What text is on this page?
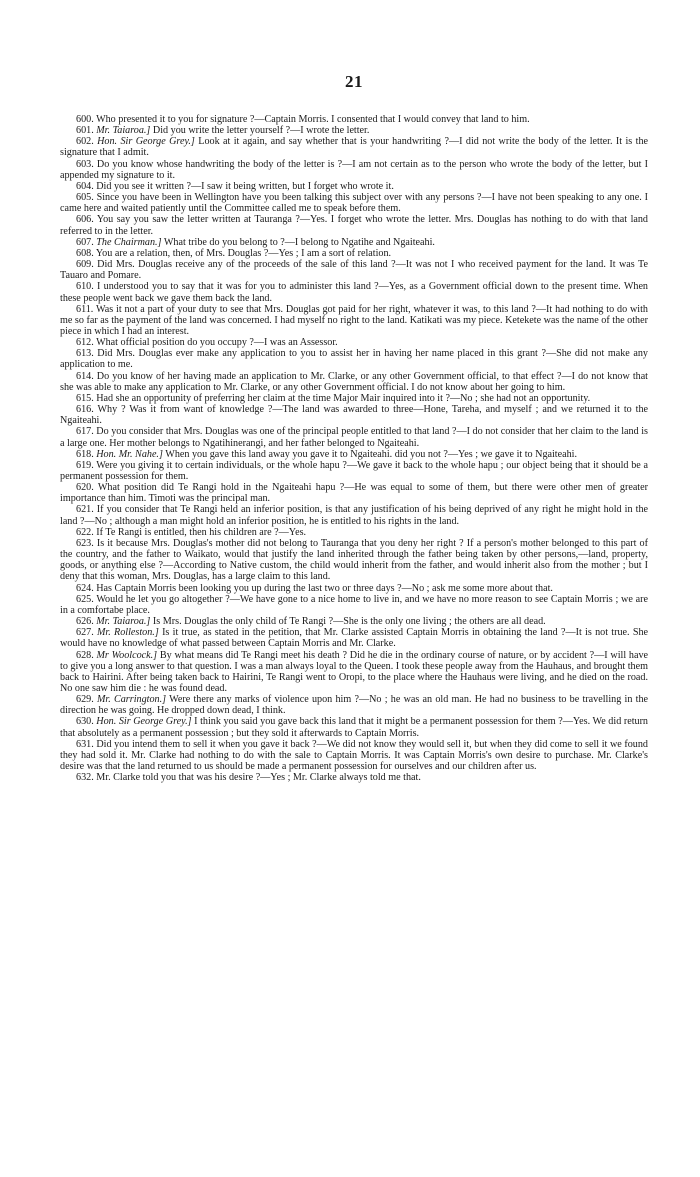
21

600. Who presented it to you for signature ?—Captain Morris. I consented that I would convey that land to him.

601. Mr. Taiaroa.] Did you write the letter yourself ?—I wrote the letter.

602. Hon. Sir George Grey.] Look at it again, and say whether that is your handwriting ?—I did not write the body of the letter. It is the signature that I admit.

603. Do you know whose handwriting the body of the letter is ?—I am not certain as to the person who wrote the body of the letter, but I appended my signature to it.

604. Did you see it written ?—I saw it being written, but I forget who wrote it.

605. Since you have been in Wellington have you been talking this subject over with any persons ?—I have not been speaking to any one. I came here and waited patiently until the Committee called me to speak before them.

606. You say you saw the letter written at Tauranga ?—Yes. I forget who wrote the letter. Mrs. Douglas has nothing to do with that land referred to in the letter.

607. The Chairman.] What tribe do you belong to ?—I belong to Ngatihe and Ngaiteahi.

608. You are a relation, then, of Mrs. Douglas ?—Yes ; I am a sort of relation.

609. Did Mrs. Douglas receive any of the proceeds of the sale of this land ?—It was not I who received payment for the land. It was Te Tauaro and Pomare.

610. I understood you to say that it was for you to administer this land ?—Yes, as a Government official down to the present time. When these people went back we gave them back the land.

611. Was it not a part of your duty to see that Mrs. Douglas got paid for her right, whatever it was, to this land ?—It had nothing to do with me so far as the payment of the land was concerned. I had myself no right to the land. Katikati was my piece. Ketekete was the name of the other piece in which I had an interest.

612. What official position do you occupy ?—I was an Assessor.

613. Did Mrs. Douglas ever make any application to you to assist her in having her name placed in this grant ?—She did not make any application to me.

614. Do you know of her having made an application to Mr. Clarke, or any other Government official, to that effect ?—I do not know that she was able to make any application to Mr. Clarke, or any other Government official. I do not know about her going to him.

615. Had she an opportunity of preferring her claim at the time Major Mair inquired into it ?—No ; she had not an opportunity.

616. Why ? Was it from want of knowledge ?—The land was awarded to three—Hone, Tareha, and myself ; and we returned it to the Ngaiteahi.

617. Do you consider that Mrs. Douglas was one of the principal people entitled to that land ?—I do not consider that her claim to the land is a large one. Her mother belongs to Ngatihinerangi, and her father belonged to Ngaiteahi.

618. Hon. Mr. Nahe.] When you gave this land away you gave it to Ngaiteahi. did you not ?—Yes ; we gave it to Ngaiteahi.

619. Were you giving it to certain individuals, or the whole hapu ?—We gave it back to the whole hapu ; our object being that it should be a permanent possession for them.

620. What position did Te Rangi hold in the Ngaiteahi hapu ?—He was equal to some of them, but there were other men of greater importance than him. Timoti was the principal man.

621. If you consider that Te Rangi held an inferior position, is that any justification of his being deprived of any right he might hold in the land ?—No ; although a man might hold an inferior position, he is entitled to his rights in the land.

622. If Te Rangi is entitled, then his children are ?—Yes.

623. Is it because Mrs. Douglas's mother did not belong to Tauranga that you deny her right ? If a person's mother belonged to this part of the country, and the father to Waikato, would that justify the land inherited through the father being taken by other persons,—land, property, goods, or anything else ?—According to Native custom, the child would inherit from the father, and would inherit also from the mother ; but I deny that this woman, Mrs. Douglas, has a large claim to this land.

624. Has Captain Morris been looking you up during the last two or three days ?—No ; ask me some more about that.

625. Would he let you go altogether ?—We have gone to a nice home to live in, and we have no more reason to see Captain Morris ; we are in a comfortabe place.

626. Mr. Taiaroa.] Is Mrs. Douglas the only child of Te Rangi ?—She is the only one living ; the others are all dead.

627. Mr. Rolleston.] Is it true, as stated in the petition, that Mr. Clarke assisted Captain Morris in obtaining the land ?—It is not true. She would have no knowledge of what passed between Captain Morris and Mr. Clarke.

628. Mr Woolcock.] By what means did Te Rangi meet his death ? Did he die in the ordinary course of nature, or by accident ?—I will have to give you a long answer to that question. I was a man always loyal to the Queen. I took these people away from the Hauhaus, and brought them back to Hairini. After being taken back to Hairini, Te Rangi went to Oropi, to the place where the Hauhaus were living, and he died on the road. No one saw him die : he was found dead.

629. Mr. Carrington.] Were there any marks of violence upon him ?—No ; he was an old man. He had no business to be travelling in the direction he was going. He dropped down dead, I think.

630. Hon. Sir George Grey.] I think you said you gave back this land that it might be a permanent possession for them ?—Yes. We did return that absolutely as a permanent possession ; but they sold it afterwards to Captain Morris.

631. Did you intend them to sell it when you gave it back ?—We did not know they would sell it, but when they did come to sell it we found they had sold it. Mr. Clarke had nothing to do with the sale to Captain Morris. It was Captain Morris's own desire to purchase. Mr. Clarke's desire was that the land returned to us should be made a permanent possession for ourselves and our children after us.

632. Mr. Clarke told you that was his desire ?—Yes ; Mr. Clarke always told me that.
